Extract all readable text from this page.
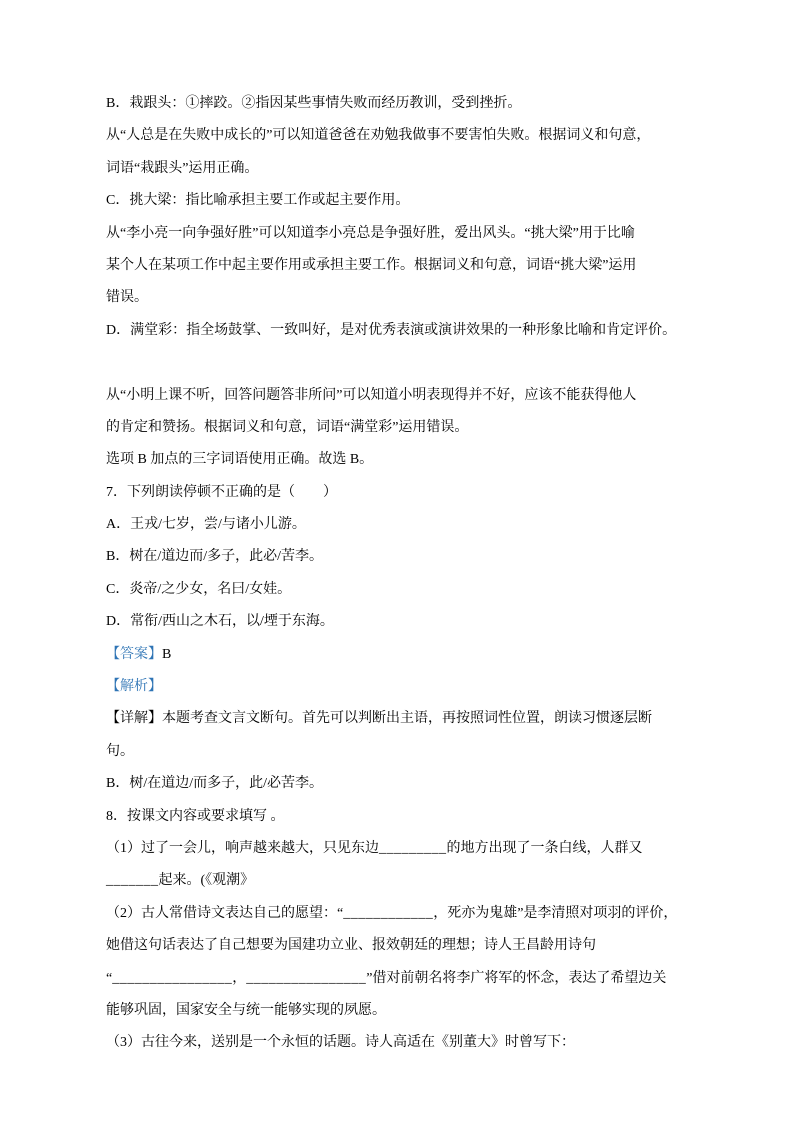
B．栽跟头：①摔跤。②指因某些事情失败而经历教训，受到挫折。
从“人总是在失败中成长的”可以知道爸爸在劝勉我做事不要害怕失败。根据词义和句意，
词语“栽跟头”运用正确。
C．挑大梁：指比喻承担主要工作或起主要作用。
从“李小亮一向争强好胜”可以知道李小亮总是争强好胜，爱出风头。“挑大梁”用于比喻
某个人在某项工作中起主要作用或承担主要工作。根据词义和句意，词语“挑大梁”运用
错误。
D．满堂彩：指全场鼓掌、一致叫好，是对优秀表演或演讲效果的一种形象比喻和肯定评价。

从“小明上课不听，回答问题答非所问”可以知道小明表现得并不好，应该不能获得他人
的肯定和赞扬。根据词义和句意，词语“满堂彩”运用错误。
选项 B 加点的三字词语使用正确。故选 B。
7．下列朗读停顿不正确的是（　　）
A．王戎/七岁，尝/与诸小儿游。
B．树在/道边而/多子，此必/苦李。
C．炎帝/之少女，名曰/女娃。
D．常衔/西山之木石，以/堙于东海。
【答案】B
【解析】
【详解】本题考查文言文断句。首先可以判断出主语，再按照词性位置，朗读习惯逐层断
句。
B．树/在道边/而多子，此/必苦李。
8．按课文内容或要求填写 。
（1）过了一会儿，响声越来越大，只见东边_________的地方出现了一条白线，人群又
_______起来。(《观潮》
（2）古人常借诗文表达自己的愿望：“____________，死亦为鬼雄”是李清照对项羽的评价，
她借这句话表达了自己想要为国建功立业、报效朝廷的理想；诗人王昌龄用诗句
“________________，________________”借对前朝名将李广将军的怀念，表达了希望边关
能够巩固，国家安全与统一能够实现的夙愿。
（3）古往今来，送别是一个永恒的话题。诗人高适在《别董大》时曾写下：
